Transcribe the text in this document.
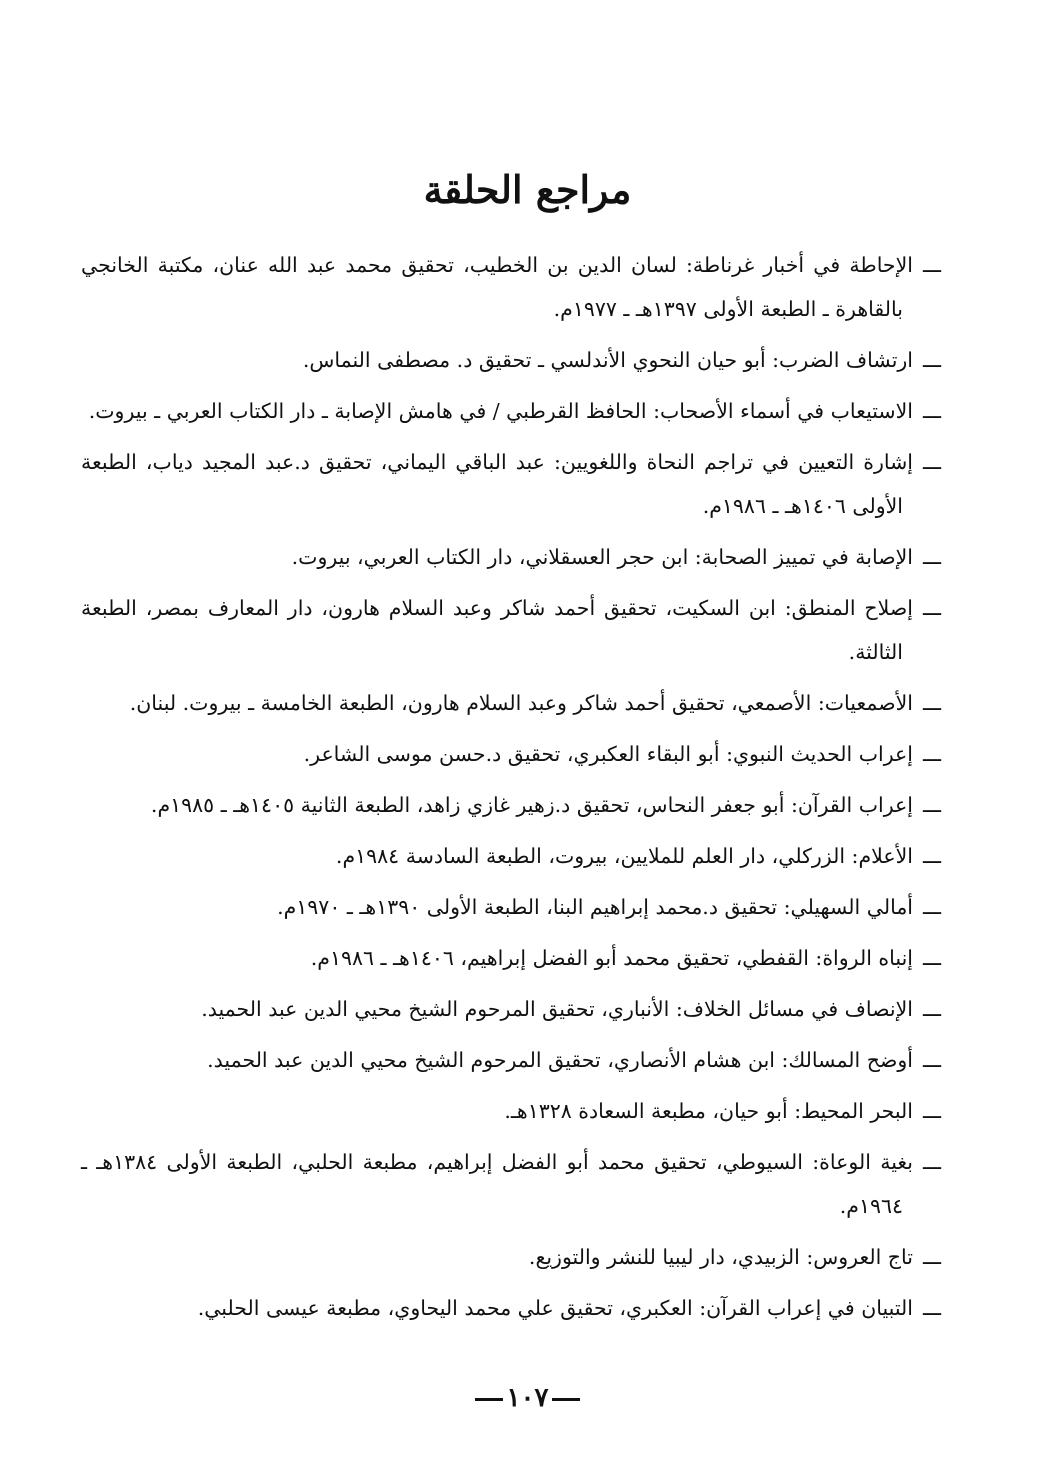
مراجع الحلقة
ـــالإحاطة في أخبار غرناطة: لسان الدين بن الخطيب، تحقيق محمد عبد الله عنان، مكتبة الخانجي بالقاهرة ـ الطبعة الأولى ١٣٩٧هـ ـ ١٩٧٧م.
ـــارتشاف الضرب: أبو حيان النحوي الأندلسي ـ تحقيق د. مصطفى النماس.
ـــالاستيعاب في أسماء الأصحاب: الحافظ القرطبي / في هامش الإصابة ـ دار الكتاب العربي ـ بيروت.
ـــإشارة التعيين في تراجم النحاة واللغويين: عبد الباقي اليماني، تحقيق د.عبد المجيد دياب، الطبعة الأولى ١٤٠٦هـ ـ ١٩٨٦م.
ـــالإصابة في تمييز الصحابة: ابن حجر العسقلاني، دار الكتاب العربي، بيروت.
ـــإصلاح المنطق: ابن السكيت، تحقيق أحمد شاكر وعبد السلام هارون، دار المعارف بمصر، الطبعة الثالثة.
ـــالأصمعيات: الأصمعي، تحقيق أحمد شاكر وعبد السلام هارون، الطبعة الخامسة ـ بيروت. لبنان.
ـــإعراب الحديث النبوي: أبو البقاء العكبري، تحقيق د.حسن موسى الشاعر.
ـــإعراب القرآن: أبو جعفر النحاس، تحقيق د.زهير غازي زاهد، الطبعة الثانية ١٤٠٥هـ ـ ١٩٨٥م.
ـــالأعلام: الزركلي، دار العلم للملايين، بيروت، الطبعة السادسة ١٩٨٤م.
ـــأمالي السهيلي: تحقيق د.محمد إبراهيم البنا، الطبعة الأولى ١٣٩٠هـ ـ ١٩٧٠م.
ـــإنباه الرواة: القفطي، تحقيق محمد أبو الفضل إبراهيم، ١٤٠٦هـ ـ ١٩٨٦م.
ـــالإنصاف في مسائل الخلاف: الأنباري، تحقيق المرحوم الشيخ محيي الدين عبد الحميد.
ـــأوضح المسالك: ابن هشام الأنصاري، تحقيق المرحوم الشيخ محيي الدين عبد الحميد.
ـــالبحر المحيط: أبو حيان، مطبعة السعادة ١٣٢٨هـ.
ـــبغية الوعاة: السيوطي، تحقيق محمد أبو الفضل إبراهيم، مطبعة الحلبي، الطبعة الأولى ١٣٨٤هـ ـ ١٩٦٤م.
ـــتاج العروس: الزبيدي، دار ليبيا للنشر والتوزيع.
ـــالتبيان في إعراب القرآن: العكبري، تحقيق علي محمد اليحاوي، مطبعة عيسى الحلبي.
١٠٧
